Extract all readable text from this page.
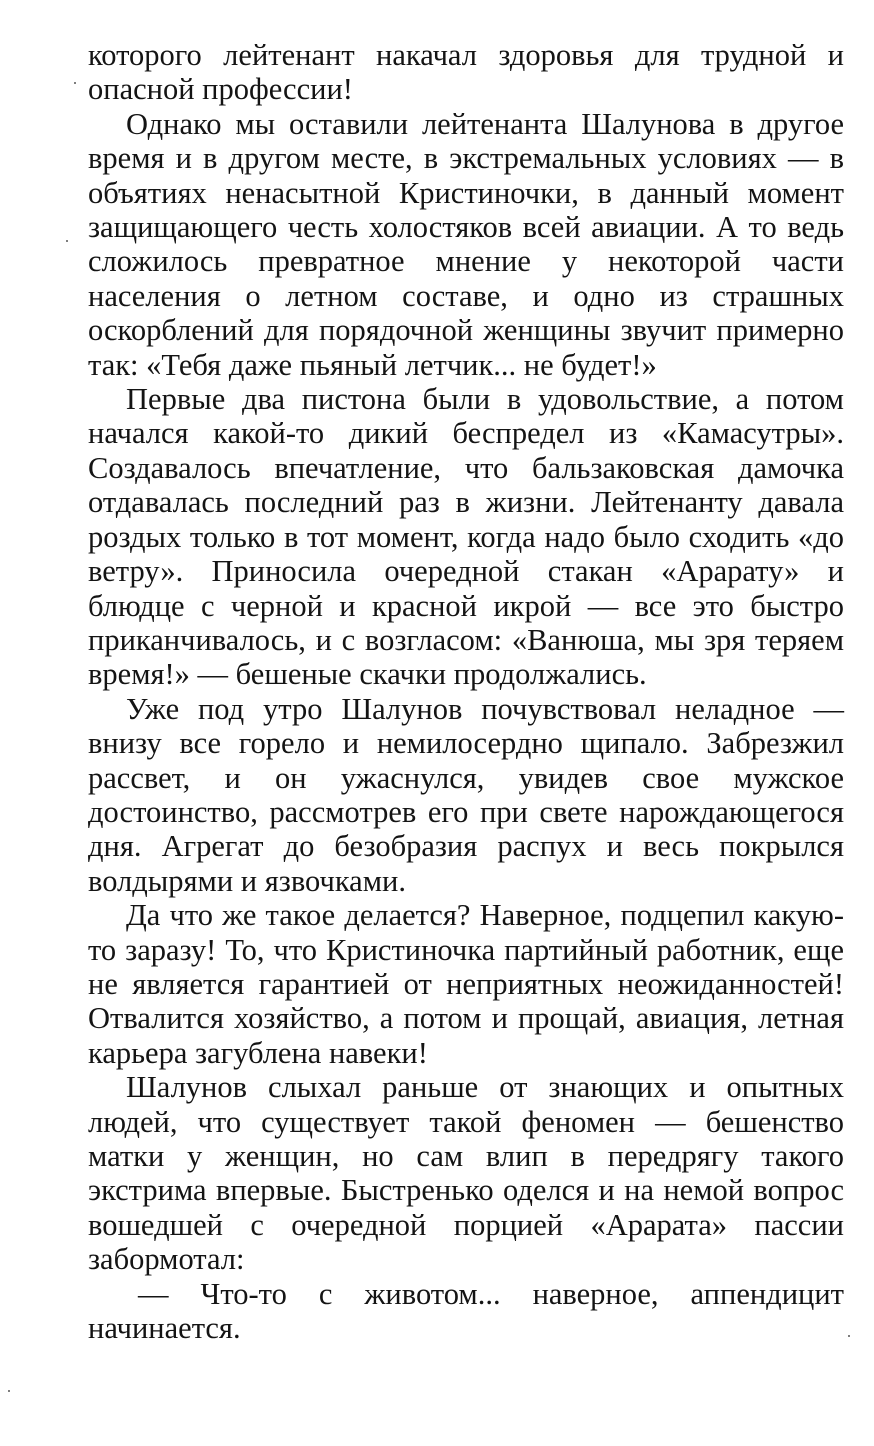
которого лейтенант накачал здоровья для трудной и опасной профессии!

Однако мы оставили лейтенанта Шалунова в другое время и в другом месте, в экстремальных условиях — в объятиях ненасытной Кристиночки, в данный момент защищающего честь холостяков всей авиации. А то ведь сложилось превратное мнение у некоторой части населения о летном составе, и одно из страшных оскорблений для порядочной женщины звучит примерно так: «Тебя даже пьяный летчик... не будет!»

Первые два пистона были в удовольствие, а потом начался какой-то дикий беспредел из «Камасутры». Создавалось впечатление, что бальзаковская дамочка отдавалась последний раз в жизни. Лейтенанту давала роздых только в тот момент, когда надо было сходить «до ветру». Приносила очередной стакан «Арарату» и блюдце с черной и красной икрой — все это быстро приканчивалось, и с возгласом: «Ванюша, мы зря теряем время!» — бешеные скачки продолжались.

Уже под утро Шалунов почувствовал неладное — внизу все горело и немилосердно щипало. Забрезжил рассвет, и он ужаснулся, увидев свое мужское достоинство, рассмотрев его при свете нарождающегося дня. Агрегат до безобразия распух и весь покрылся волдырями и язвочками.

Да что же такое делается? Наверное, подцепил какую-то заразу! То, что Кристиночка партийный работник, еще не является гарантией от неприятных неожиданностей! Отвалится хозяйство, а потом и прощай, авиация, летная карьера загублена навеки!

Шалунов слыхал раньше от знающих и опытных людей, что существует такой феномен — бешенство матки у женщин, но сам влип в передрягу такого экстрима впервые. Быстренько оделся и на немой вопрос вошедшей с очередной порцией «Арарата» пассии забормотал:

— Что-то с животом... наверное, аппендицит начинается.
